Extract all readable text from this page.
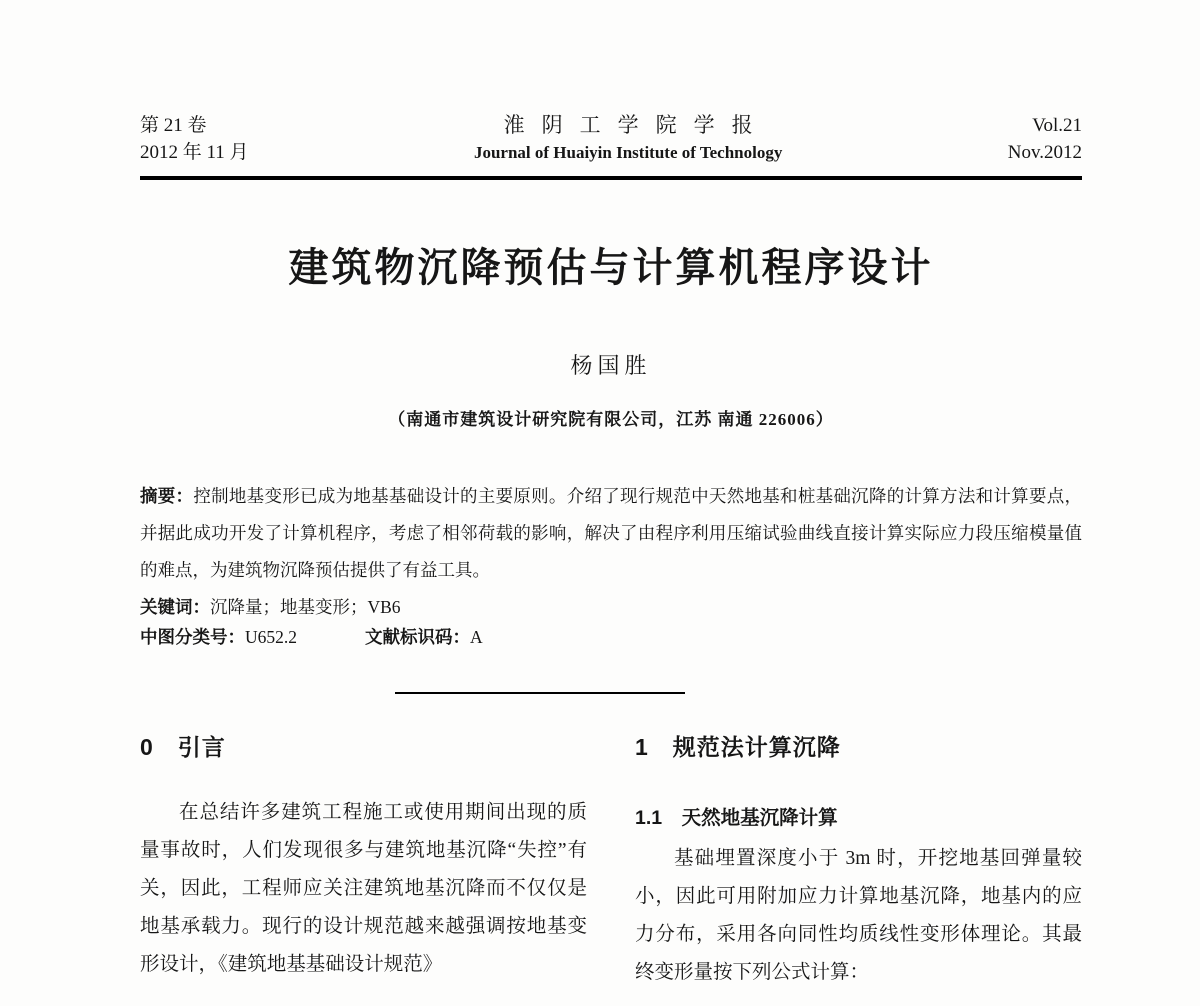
第 21 卷
2012 年 11 月
淮阴工学院学报
Journal of Huaiyin Institute of Technology
Vol.21
Nov.2012
建筑物沉降预估与计算机程序设计
杨国胜
（南通市建筑设计研究院有限公司，江苏 南通 226006）

摘要：控制地基变形已成为地基基础设计的主要原则。介绍了现行规范中天然地基和桩基础沉降的计算方法和计算要点，并据此成功开发了计算机程序，考虑了相邻荷载的影响，解决了由程序利用压缩试验曲线直接计算实际应力段压缩模量值的难点，为建筑物沉降预估提供了有益工具。

关键词：沉降量；地基变形；VB6
中图分类号：U652.2	文献标识码：A
0　引言

在总结许多建筑工程施工或使用期间出现的质量事故时，人们发现很多与建筑地基沉降“失控”有关，因此，工程师应关注建筑地基沉降而不仅仅是地基承载力。现行的设计规范越来越强调按地基变形设计，《建筑地基基础设计规范》

1　规范法计算沉降
1.1　天然地基沉降计算

基础埋置深度小于 3m 时，开挖地基回弹量较小，因此可用附加应力计算地基沉降，地基内的应力分布，采用各向同性均质线性变形体理论。其最终变形量按下列公式计算：
